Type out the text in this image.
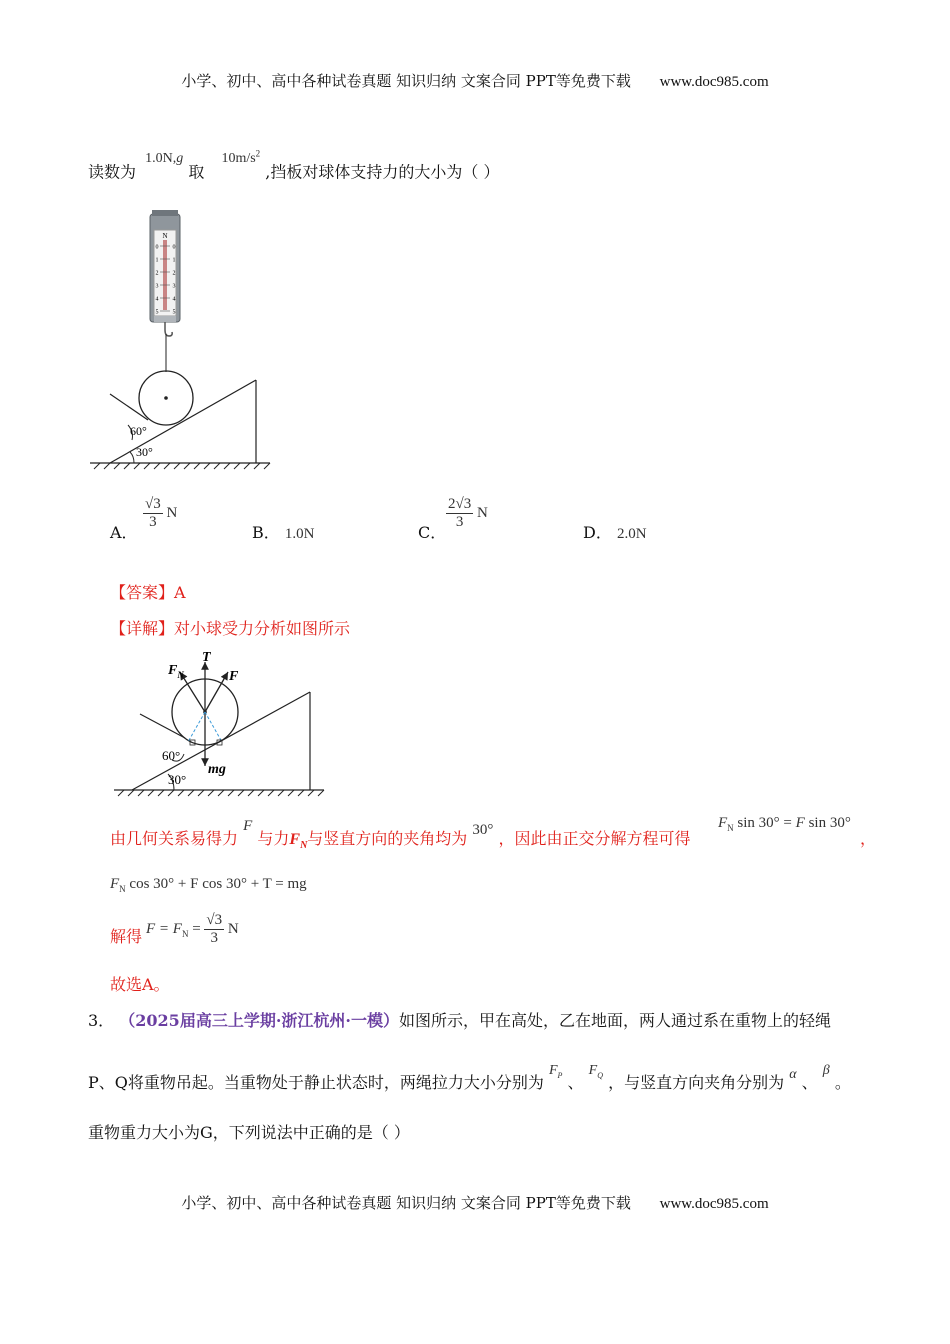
小学、初中、高中各种试卷真题 知识归纳 文案合同 PPT等免费下载 www.doc985.com
读数为 1.0N,g 取 $10m/s^2$ ,挡板对球体支持力的大小为（ ）
N
0 0
1 1
2 2
3 3
4 4
5 5
60°
30°
A．
$\frac{√3}{3}$ N
B． 1.0N	C．
$\frac{2√3}{3}$ N
D． 2.0N
【答案】A
【详解】对小球受力分析如图所示
$F_N$
T
F
mg
60°
30°
由几何关系易得力 F 与力$F_N$与竖直方向的夹角均为 30° ，因此由正交分解方程可得
$F_N$ sin 30° = F sin 30°
，
$F_N$ cos 30° + F cos 30° + T = mg
解得 $F = F_N = \frac{√3}{3}$ N
故选A。
3． （2025届高三上学期·浙江杭州·一模）如图所示，甲在高处，乙在地面，两人通过系在重物上的轻绳
P、Q将重物吊起。当重物处于静止状态时，两绳拉力大小分别为 $F_P$ 、 $F_Q$ ，与竖直方向夹角分别为 α 、 β 。
重物重力大小为G，下列说法中正确的是（ ）
小学、初中、高中各种试卷真题 知识归纳 文案合同 PPT等免费下载 www.doc985.com
